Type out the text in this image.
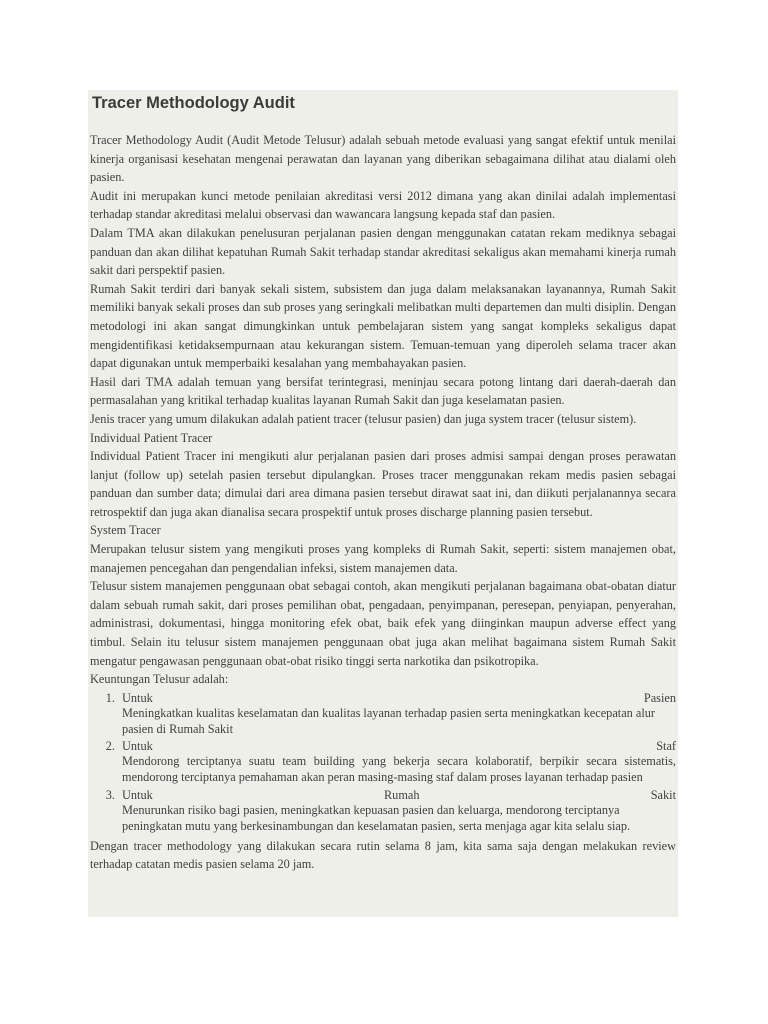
Tracer Methodology Audit

Tracer Methodology Audit (Audit Metode Telusur) adalah sebuah metode evaluasi yang sangat efektif untuk menilai kinerja organisasi kesehatan mengenai perawatan dan layanan yang diberikan sebagaimana dilihat atau dialami oleh pasien.

Audit ini merupakan kunci metode penilaian akreditasi versi 2012 dimana yang akan dinilai adalah implementasi terhadap standar akreditasi melalui observasi dan wawancara langsung kepada staf dan pasien.

Dalam TMA akan dilakukan penelusuran perjalanan pasien dengan menggunakan catatan rekam mediknya sebagai panduan dan akan dilihat kepatuhan Rumah Sakit terhadap standar akreditasi sekaligus akan memahami kinerja rumah sakit dari perspektif pasien.

Rumah Sakit terdiri dari banyak sekali sistem, subsistem dan juga dalam melaksanakan layanannya, Rumah Sakit memiliki banyak sekali proses dan sub proses yang seringkali melibatkan multi departemen dan multi disiplin. Dengan metodologi ini akan sangat dimungkinkan untuk pembelajaran sistem yang sangat kompleks sekaligus dapat mengidentifikasi ketidaksempurnaan atau kekurangan sistem. Temuan-temuan yang diperoleh selama tracer akan dapat digunakan untuk memperbaiki kesalahan yang membahayakan pasien.

Hasil dari TMA adalah temuan yang bersifat terintegrasi, meninjau secara potong lintang dari daerah-daerah dan permasalahan yang kritikal terhadap kualitas layanan Rumah Sakit dan juga keselamatan pasien.

Jenis tracer yang umum dilakukan adalah patient tracer (telusur pasien) dan juga system tracer (telusur sistem).

Individual Patient Tracer

Individual Patient Tracer ini mengikuti alur perjalanan pasien dari proses admisi sampai dengan proses perawatan lanjut (follow up) setelah pasien tersebut dipulangkan. Proses tracer menggunakan rekam medis pasien sebagai panduan dan sumber data; dimulai dari area dimana pasien tersebut dirawat saat ini, dan diikuti perjalanannya secara retrospektif dan juga akan dianalisa secara prospektif untuk proses discharge planning pasien tersebut.

System Tracer

Merupakan telusur sistem yang mengikuti proses yang kompleks di Rumah Sakit, seperti: sistem manajemen obat, manajemen pencegahan dan pengendalian infeksi, sistem manajemen data.

Telusur sistem manajemen penggunaan obat sebagai contoh, akan mengikuti perjalanan bagaimana obat-obatan diatur dalam sebuah rumah sakit, dari proses pemilihan obat, pengadaan, penyimpanan, peresepan, penyiapan, penyerahan, administrasi, dokumentasi, hingga monitoring efek obat, baik efek yang diinginkan maupun adverse effect yang timbul. Selain itu telusur sistem manajemen penggunaan obat juga akan melihat bagaimana sistem Rumah Sakit mengatur pengawasan penggunaan obat-obat risiko tinggi serta narkotika dan psikotropika.

Keuntungan Telusur adalah:

1. Untuk	Pasien
Meningkatkan kualitas keselamatan dan kualitas layanan terhadap pasien serta meningkatkan kecepatan alur pasien di Rumah Sakit
2. Untuk	Staf
Mendorong terciptanya suatu team building yang bekerja secara kolaboratif, berpikir secara sistematis, mendorong terciptanya pemahaman akan peran masing-masing staf dalam proses layanan terhadap pasien
3. Untuk	Rumah	Sakit
Menurunkan risiko bagi pasien, meningkatkan kepuasan pasien dan keluarga, mendorong terciptanya peningkatan mutu yang berkesinambungan dan keselamatan pasien, serta menjaga agar kita selalu siap.

Dengan tracer methodology yang dilakukan secara rutin selama 8 jam, kita sama saja dengan melakukan review terhadap catatan medis pasien selama 20 jam.
